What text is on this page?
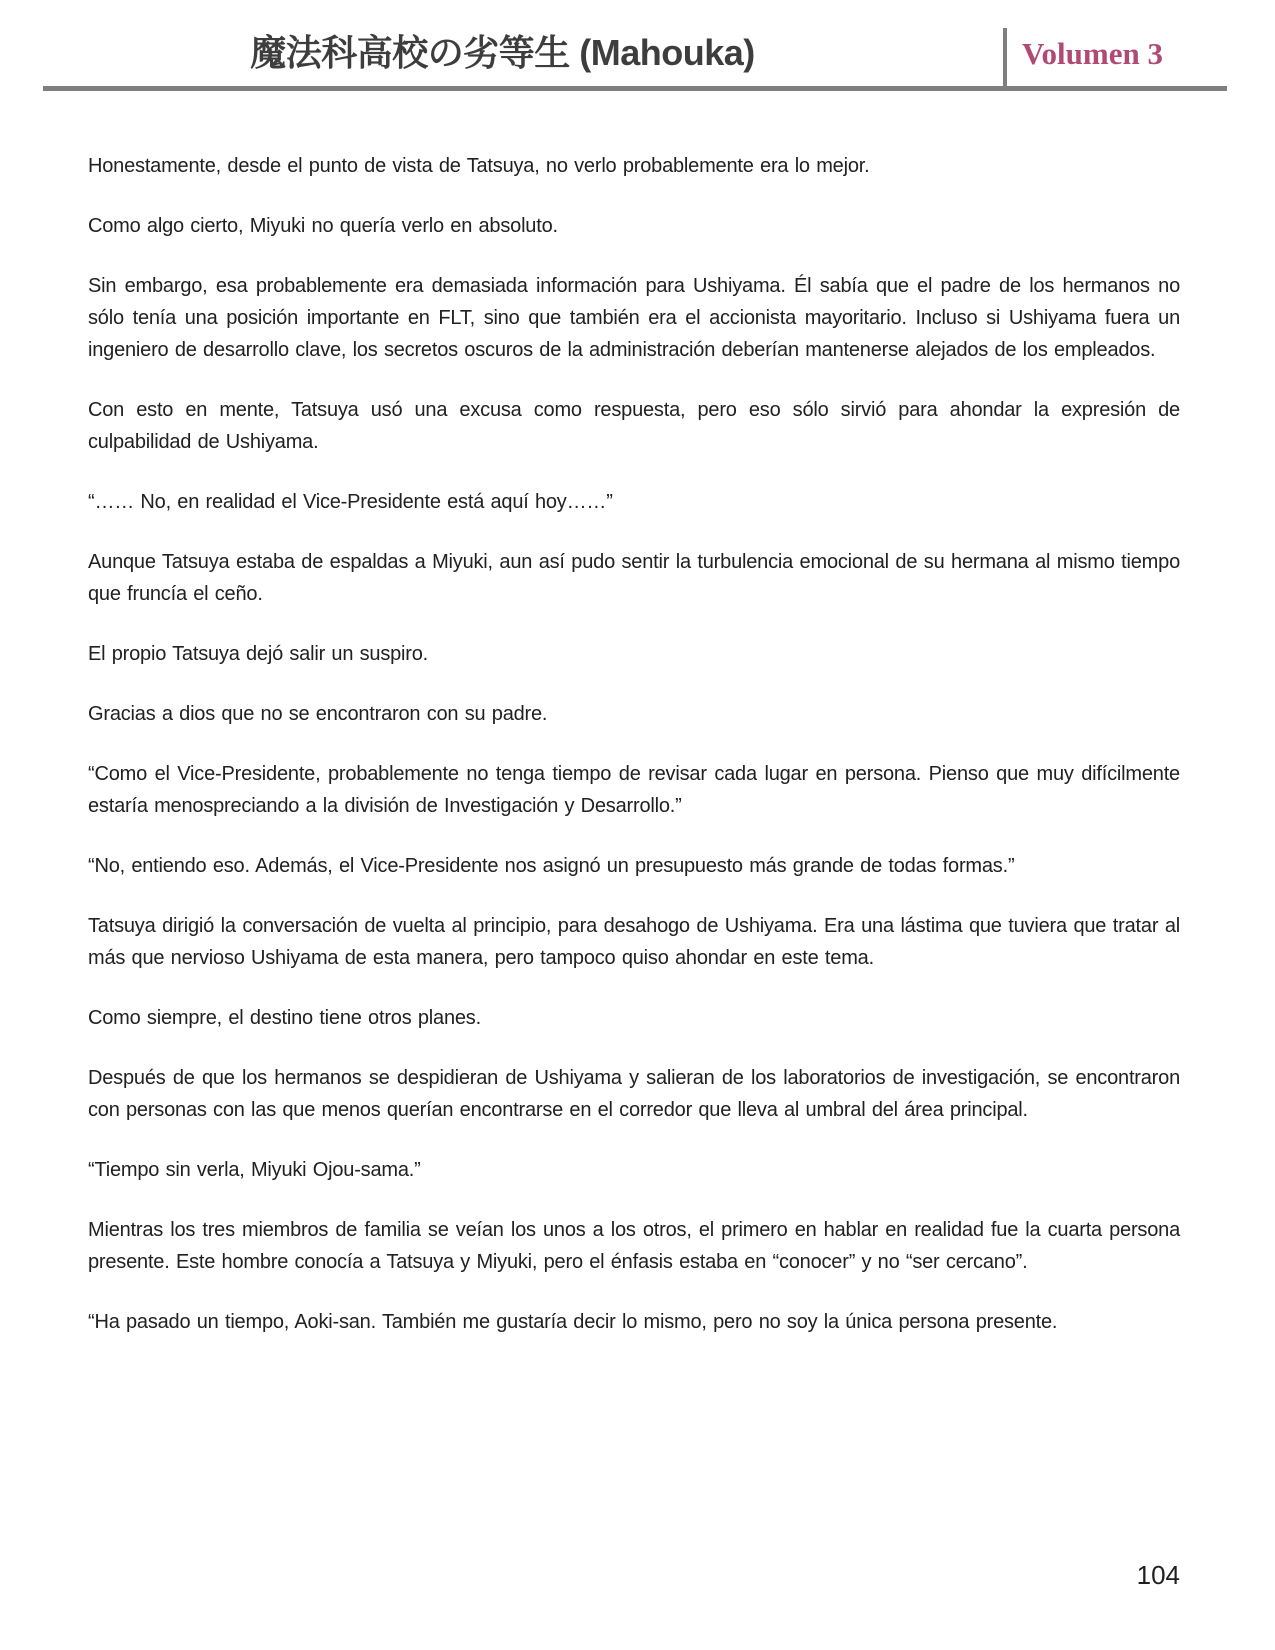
魔法科高校の劣等生 (Mahouka)	Volumen 3

Honestamente, desde el punto de vista de Tatsuya, no verlo probablemente era lo mejor.

Como algo cierto, Miyuki no quería verlo en absoluto.

Sin embargo, esa probablemente era demasiada información para Ushiyama. Él sabía que el padre de los hermanos no sólo tenía una posición importante en FLT, sino que también era el accionista mayoritario. Incluso si Ushiyama fuera un ingeniero de desarrollo clave, los secretos oscuros de la administración deberían mantenerse alejados de los empleados.

Con esto en mente, Tatsuya usó una excusa como respuesta, pero eso sólo sirvió para ahondar la expresión de culpabilidad de Ushiyama.

“…… No, en realidad el Vice-Presidente está aquí hoy……”

Aunque Tatsuya estaba de espaldas a Miyuki, aun así pudo sentir la turbulencia emocional de su hermana al mismo tiempo que fruncía el ceño.

El propio Tatsuya dejó salir un suspiro.

Gracias a dios que no se encontraron con su padre.

“Como el Vice-Presidente, probablemente no tenga tiempo de revisar cada lugar en persona. Pienso que muy difícilmente estaría menospreciando a la división de Investigación y Desarrollo.”

“No, entiendo eso. Además, el Vice-Presidente nos asignó un presupuesto más grande de todas formas.”

Tatsuya dirigió la conversación de vuelta al principio, para desahogo de Ushiyama. Era una lástima que tuviera que tratar al más que nervioso Ushiyama de esta manera, pero tampoco quiso ahondar en este tema.

Como siempre, el destino tiene otros planes.

Después de que los hermanos se despidieran de Ushiyama y salieran de los laboratorios de investigación, se encontraron con personas con las que menos querían encontrarse en el corredor que lleva al umbral del área principal.

“Tiempo sin verla, Miyuki Ojou-sama.”

Mientras los tres miembros de familia se veían los unos a los otros, el primero en hablar en realidad fue la cuarta persona presente. Este hombre conocía a Tatsuya y Miyuki, pero el énfasis estaba en “conocer” y no “ser cercano”.

“Ha pasado un tiempo, Aoki-san. También me gustaría decir lo mismo, pero no soy la única persona presente.

104
